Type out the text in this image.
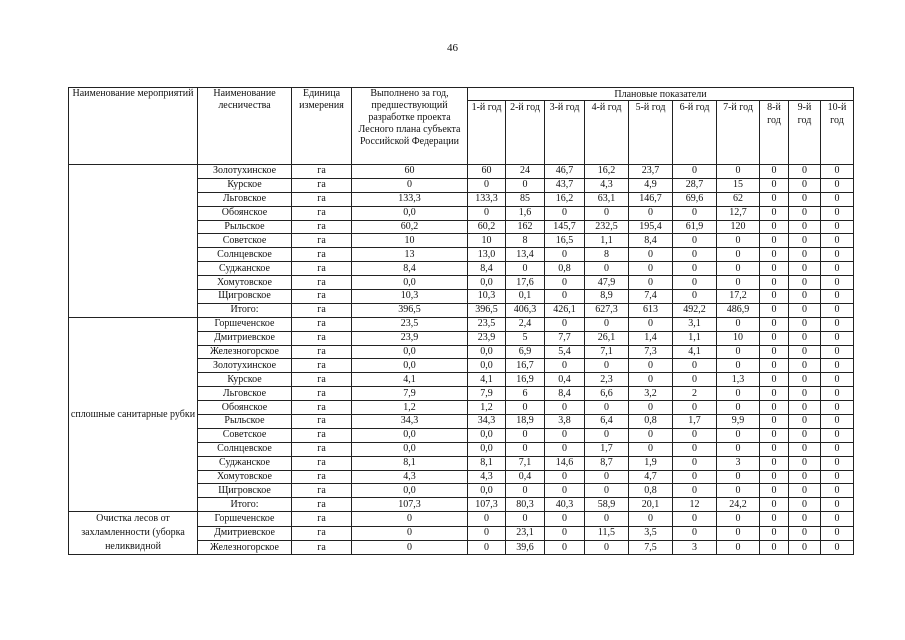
46
Наименование мероприятий	Наименование лесничества	Единица измерения	Выполнено за год, предшествующий разработке проекта Лесного плана субъекта Российской Федерации	Плановые показатели									
				1-й год	2-й год	3-й год	4-й год	5-й год	6-й год	7-й год	8-й год	9-й год	10-й год
	Золотухинское	га	60	60	24	46,7	16,2	23,7	0	0	0	0	0
	Курское	га	0	0	0	43,7	4,3	4,9	28,7	15	0	0	0
	Льговское	га	133,3	133,3	85	16,2	63,1	146,7	69,6	62	0	0	0
	Обоянское	га	0,0	0	1,6	0	0	0	0	12,7	0	0	0
	Рыльское	га	60,2	60,2	162	145,7	232,5	195,4	61,9	120	0	0	0
	Советское	га	10	10	8	16,5	1,1	8,4	0	0	0	0	0
	Солнцевское	га	13	13,0	13,4	0	8	0	0	0	0	0	0
	Суджанское	га	8,4	8,4	0	0,8	0	0	0	0	0	0	0
	Хомутовское	га	0,0	0,0	17,6	0	47,9	0	0	0	0	0	0
	Щигровское	га	10,3	10,3	0,1	0	8,9	7,4	0	17,2	0	0	0
	Итого:	га	396,5	396,5	406,3	426,1	627,3	613	492,2	486,9	0	0	0
сплошные санитарные рубки	Горшеченское	га	23,5	23,5	2,4	0	0	0	3,1	0	0	0	0
	Дмитриевское	га	23,9	23,9	5	7,7	26,1	1,4	1,1	10	0	0	0
	Железногорское	га	0,0	0,0	6,9	5,4	7,1	7,3	4,1	0	0	0	0
	Золотухинское	га	0,0	0,0	16,7	0	0	0	0	0	0	0	0
	Курское	га	4,1	4,1	16,9	0,4	2,3	0	0	1,3	0	0	0
	Льговское	га	7,9	7,9	6	8,4	6,6	3,2	2	0	0	0	0
	Обоянское	га	1,2	1,2	0	0	0	0	0	0	0	0	0
	Рыльское	га	34,3	34,3	18,9	3,8	6,4	0,8	1,7	9,9	0	0	0
	Советское	га	0,0	0,0	0	0	0	0	0	0	0	0	0
	Солнцевское	га	0,0	0,0	0	0	1,7	0	0	0	0	0	0
	Суджанское	га	8,1	8,1	7,1	14,6	8,7	1,9	0	3	0	0	0
	Хомутовское	га	4,3	4,3	0,4	0	0	4,7	0	0	0	0	0
	Щигровское	га	0,0	0,0	0	0	0	0,8	0	0	0	0	0
	Итого:	га	107,3	107,3	80,3	40,3	58,9	20,1	12	24,2	0	0	0
Очистка лесов от захламленности (уборка неликвидной	Горшеченское	га	0	0	0	0	0	0	0	0	0	0	0
	Дмитриевское	га	0	0	23,1	0	11,5	3,5	0	0	0	0	0
	Железногорское	га	0	0	39,6	0	0	7,5	3	0	0	0	0
